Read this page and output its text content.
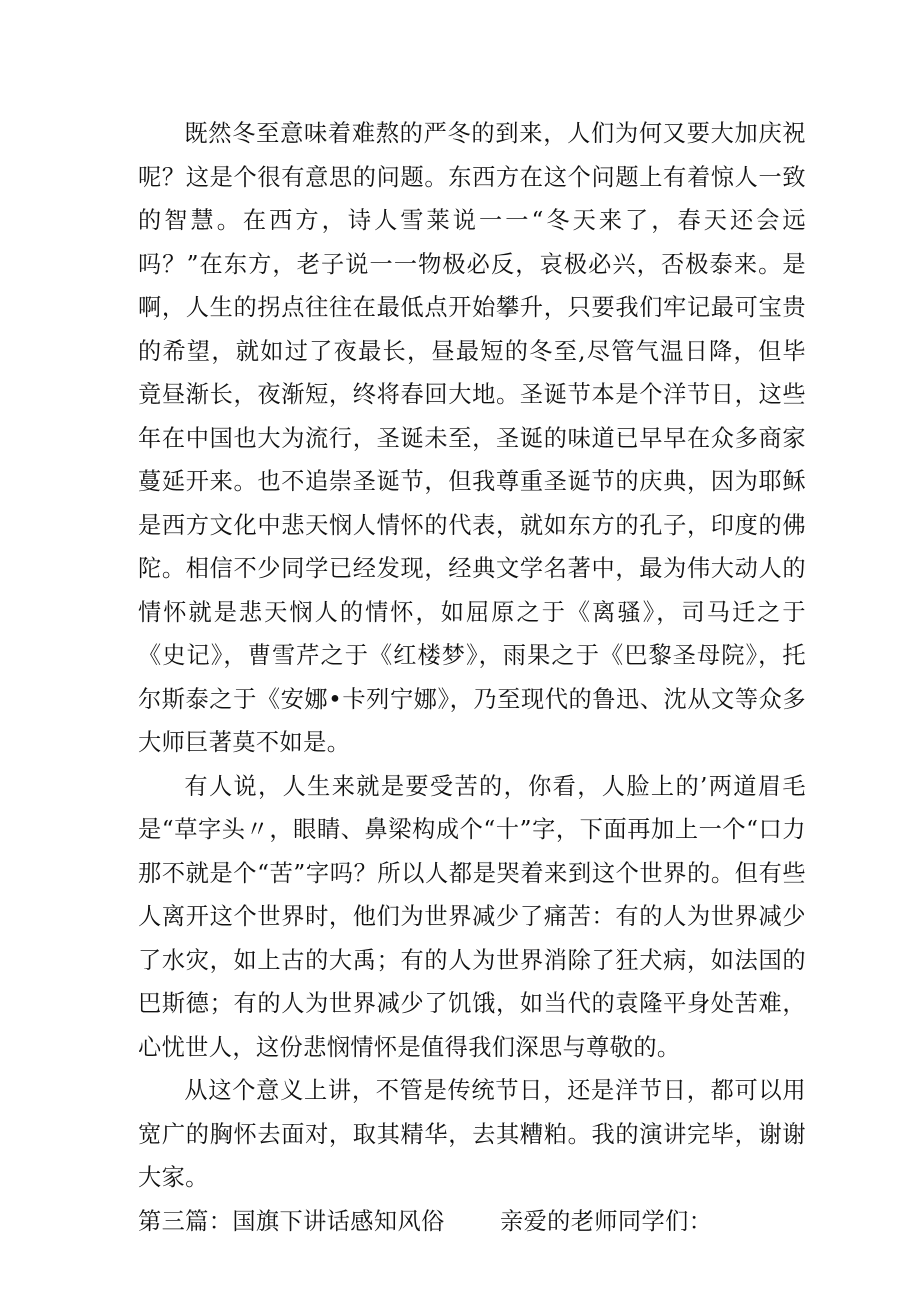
既然冬至意味着难熬的严冬的到来，人们为何又要大加庆祝呢？这是个很有意思的问题。东西方在这个问题上有着惊人一致的智慧。在西方，诗人雪莱说一一“冬天来了，春天还会远吗？”在东方，老子说一一物极必反，哀极必兴，否极泰来。是啊，人生的拐点往往在最低点开始攀升，只要我们牢记最可宝贵的希望，就如过了夜最长，昼最短的冬至,尽管气温日降，但毕竟昼渐长，夜渐短，终将春回大地。圣诞节本是个洋节日，这些年在中国也大为流行，圣诞未至，圣诞的味道已早早在众多商家蔓延开来。也不追崇圣诞节，但我尊重圣诞节的庆典，因为耶稣是西方文化中悲天悯人情怀的代表，就如东方的孔子，印度的佛陀。相信不少同学已经发现，经典文学名著中，最为伟大动人的情怀就是悲天悯人的情怀，如屈原之于《离骚》，司马迁之于《史记》，曹雪芹之于《红楼梦》，雨果之于《巴黎圣母院》，托尔斯泰之于《安娜•卡列宁娜》，乃至现代的鲁迅、沈从文等众多大师巨著莫不如是。

有人说，人生来就是要受苦的，你看，人脸上的’两道眉毛是“草字头〃，眼睛、鼻梁构成个“十”字，下面再加上一个“口力那不就是个“苦”字吗？所以人都是哭着来到这个世界的。但有些人离开这个世界时，他们为世界减少了痛苦：有的人为世界减少了水灾，如上古的大禹；有的人为世界消除了狂犬病，如法国的巴斯德；有的人为世界减少了饥饿，如当代的袁隆平身处苦难，心忧世人，这份悲悯情怀是值得我们深思与尊敬的。

从这个意义上讲，不管是传统节日，还是洋节日，都可以用宽广的胸怀去面对，取其精华，去其糟粕。我的演讲完毕，谢谢大家。

第三篇：国旗下讲话感知风俗 亲爱的老师同学们：
